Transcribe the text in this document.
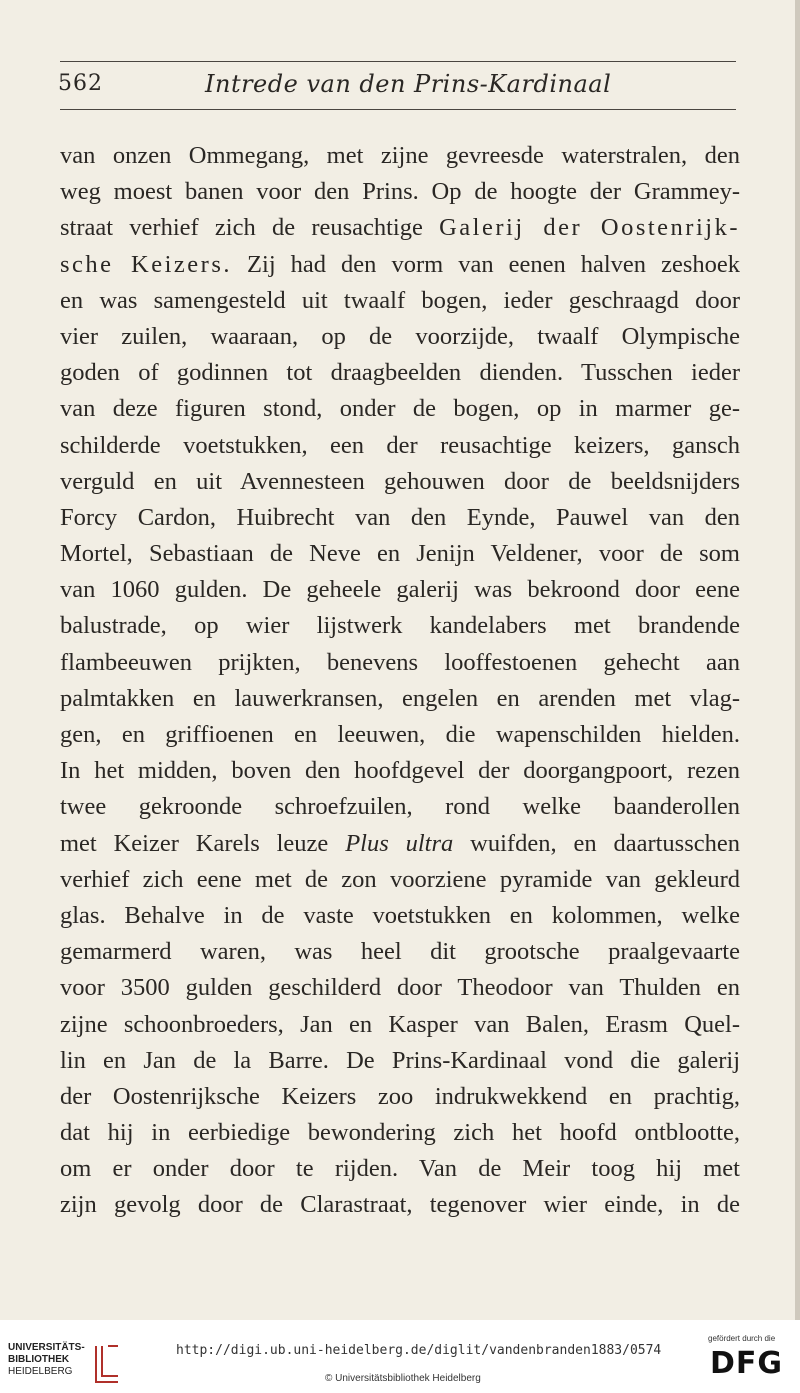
562	Intrede van den Prins-Kardinaal
van onzen Ommegang, met zijne gevreesde waterstralen, den
weg moest banen voor den Prins. Op de hoogte der Grammey-
straat verhief zich de reusachtige Galerij der Oostenrijk-
sche Keizers. Zij had den vorm van eenen halven zeshoek
en was samengesteld uit twaalf bogen, ieder geschraagd door
vier zuilen, waaraan, op de voorzijde, twaalf Olympische
goden of godinnen tot draagbeelden dienden. Tusschen ieder
van deze figuren stond, onder de bogen, op in marmer ge-
schilderde voetstukken, een der reusachtige keizers, gansch
verguld en uit Avennesteen gehouwen door de beeldsnijders
Forcy Cardon, Huibrecht van den Eynde, Pauwel van den
Mortel, Sebastiaan de Neve en Jenijn Veldener, voor de som
van 1060 gulden. De geheele galerij was bekroond door eene
balustrade, op wier lijstwerk kandelabers met brandende
flambeeuwen prijkten, benevens looffestoenen gehecht aan
palmtakken en lauwerkransen, engelen en arenden met vlag-
gen, en griffioenen en leeuwen, die wapenschilden hielden.
In het midden, boven den hoofdgevel der doorgangpoort, rezen
twee gekroonde schroefzuilen, rond welke baanderollen
met Keizer Karels leuze Plus ultra wuifden, en daartusschen
verhief zich eene met de zon voorziene pyramide van gekleurd
glas. Behalve in de vaste voetstukken en kolommen, welke
gemarmerd waren, was heel dit grootsche praalgevaarte
voor 3500 gulden geschilderd door Theodoor van Thulden en
zijne schoonbroeders, Jan en Kasper van Balen, Erasm Quel-
lin en Jan de la Barre. De Prins-Kardinaal vond die galerij
der Oostenrijksche Keizers zoo indrukwekkend en prachtig,
dat hij in eerbiedige bewondering zich het hoofd ontblootte,
om er onder door te rijden. Van de Meir toog hij met
zijn gevolg door de Clarastraat, tegenover wier einde, in de
UNIVERSITÄTS-
BIBLIOTHEK
HEIDELBERG
http://digi.ub.uni-heidelberg.de/diglit/vandenbranden1883/0574
© Universitätsbibliothek Heidelberg
gefördert durch die
DFG
